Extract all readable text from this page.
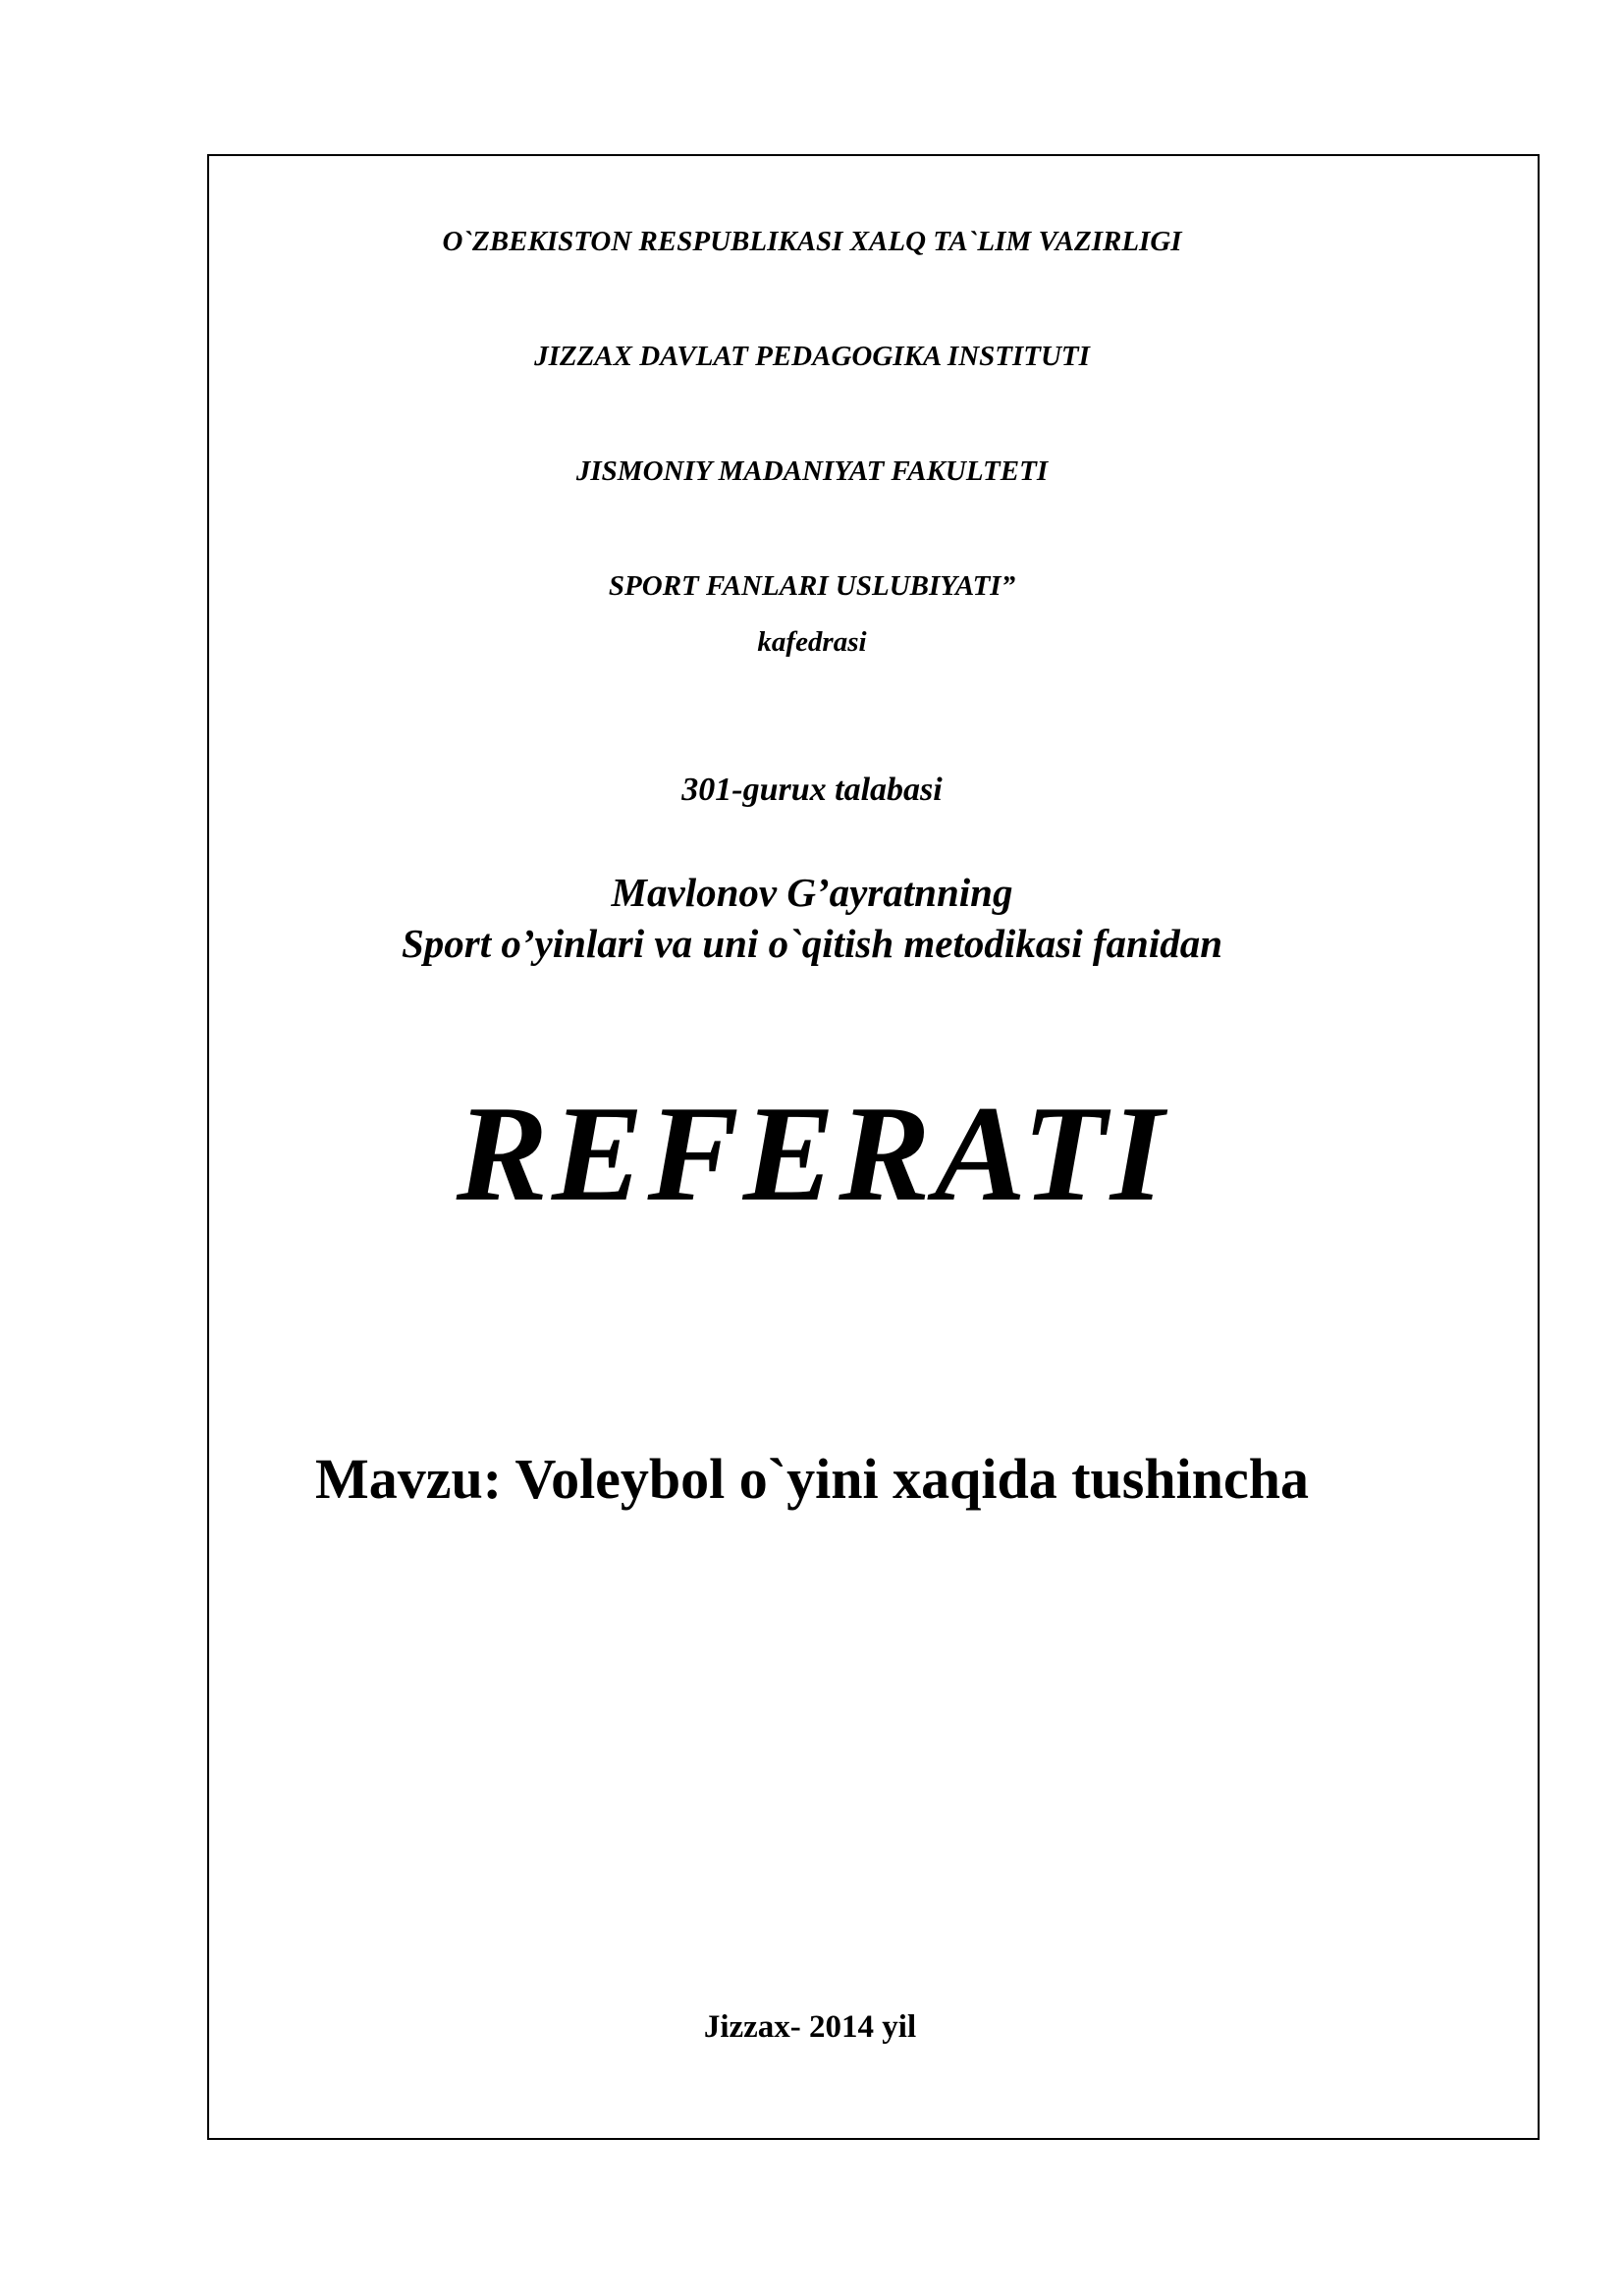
O`ZBEKISTON RESPUBLIKASI XALQ TA`LIM VAZIRLIGI
JIZZAX DAVLAT PEDAGOGIKA INSTITUTI
JISMONIY MADANIYAT FAKULTETI
SPORT FANLARI USLUBIYATI”
kafedrasi
301-gurux talabasi
Mavlonov G’ayratnning
Sport o’yinlari va uni o`qitish metodikasi fanidan
REFERATI
Mavzu: Voleybol o`yini xaqida tushincha
Jizzax- 2014 yil
